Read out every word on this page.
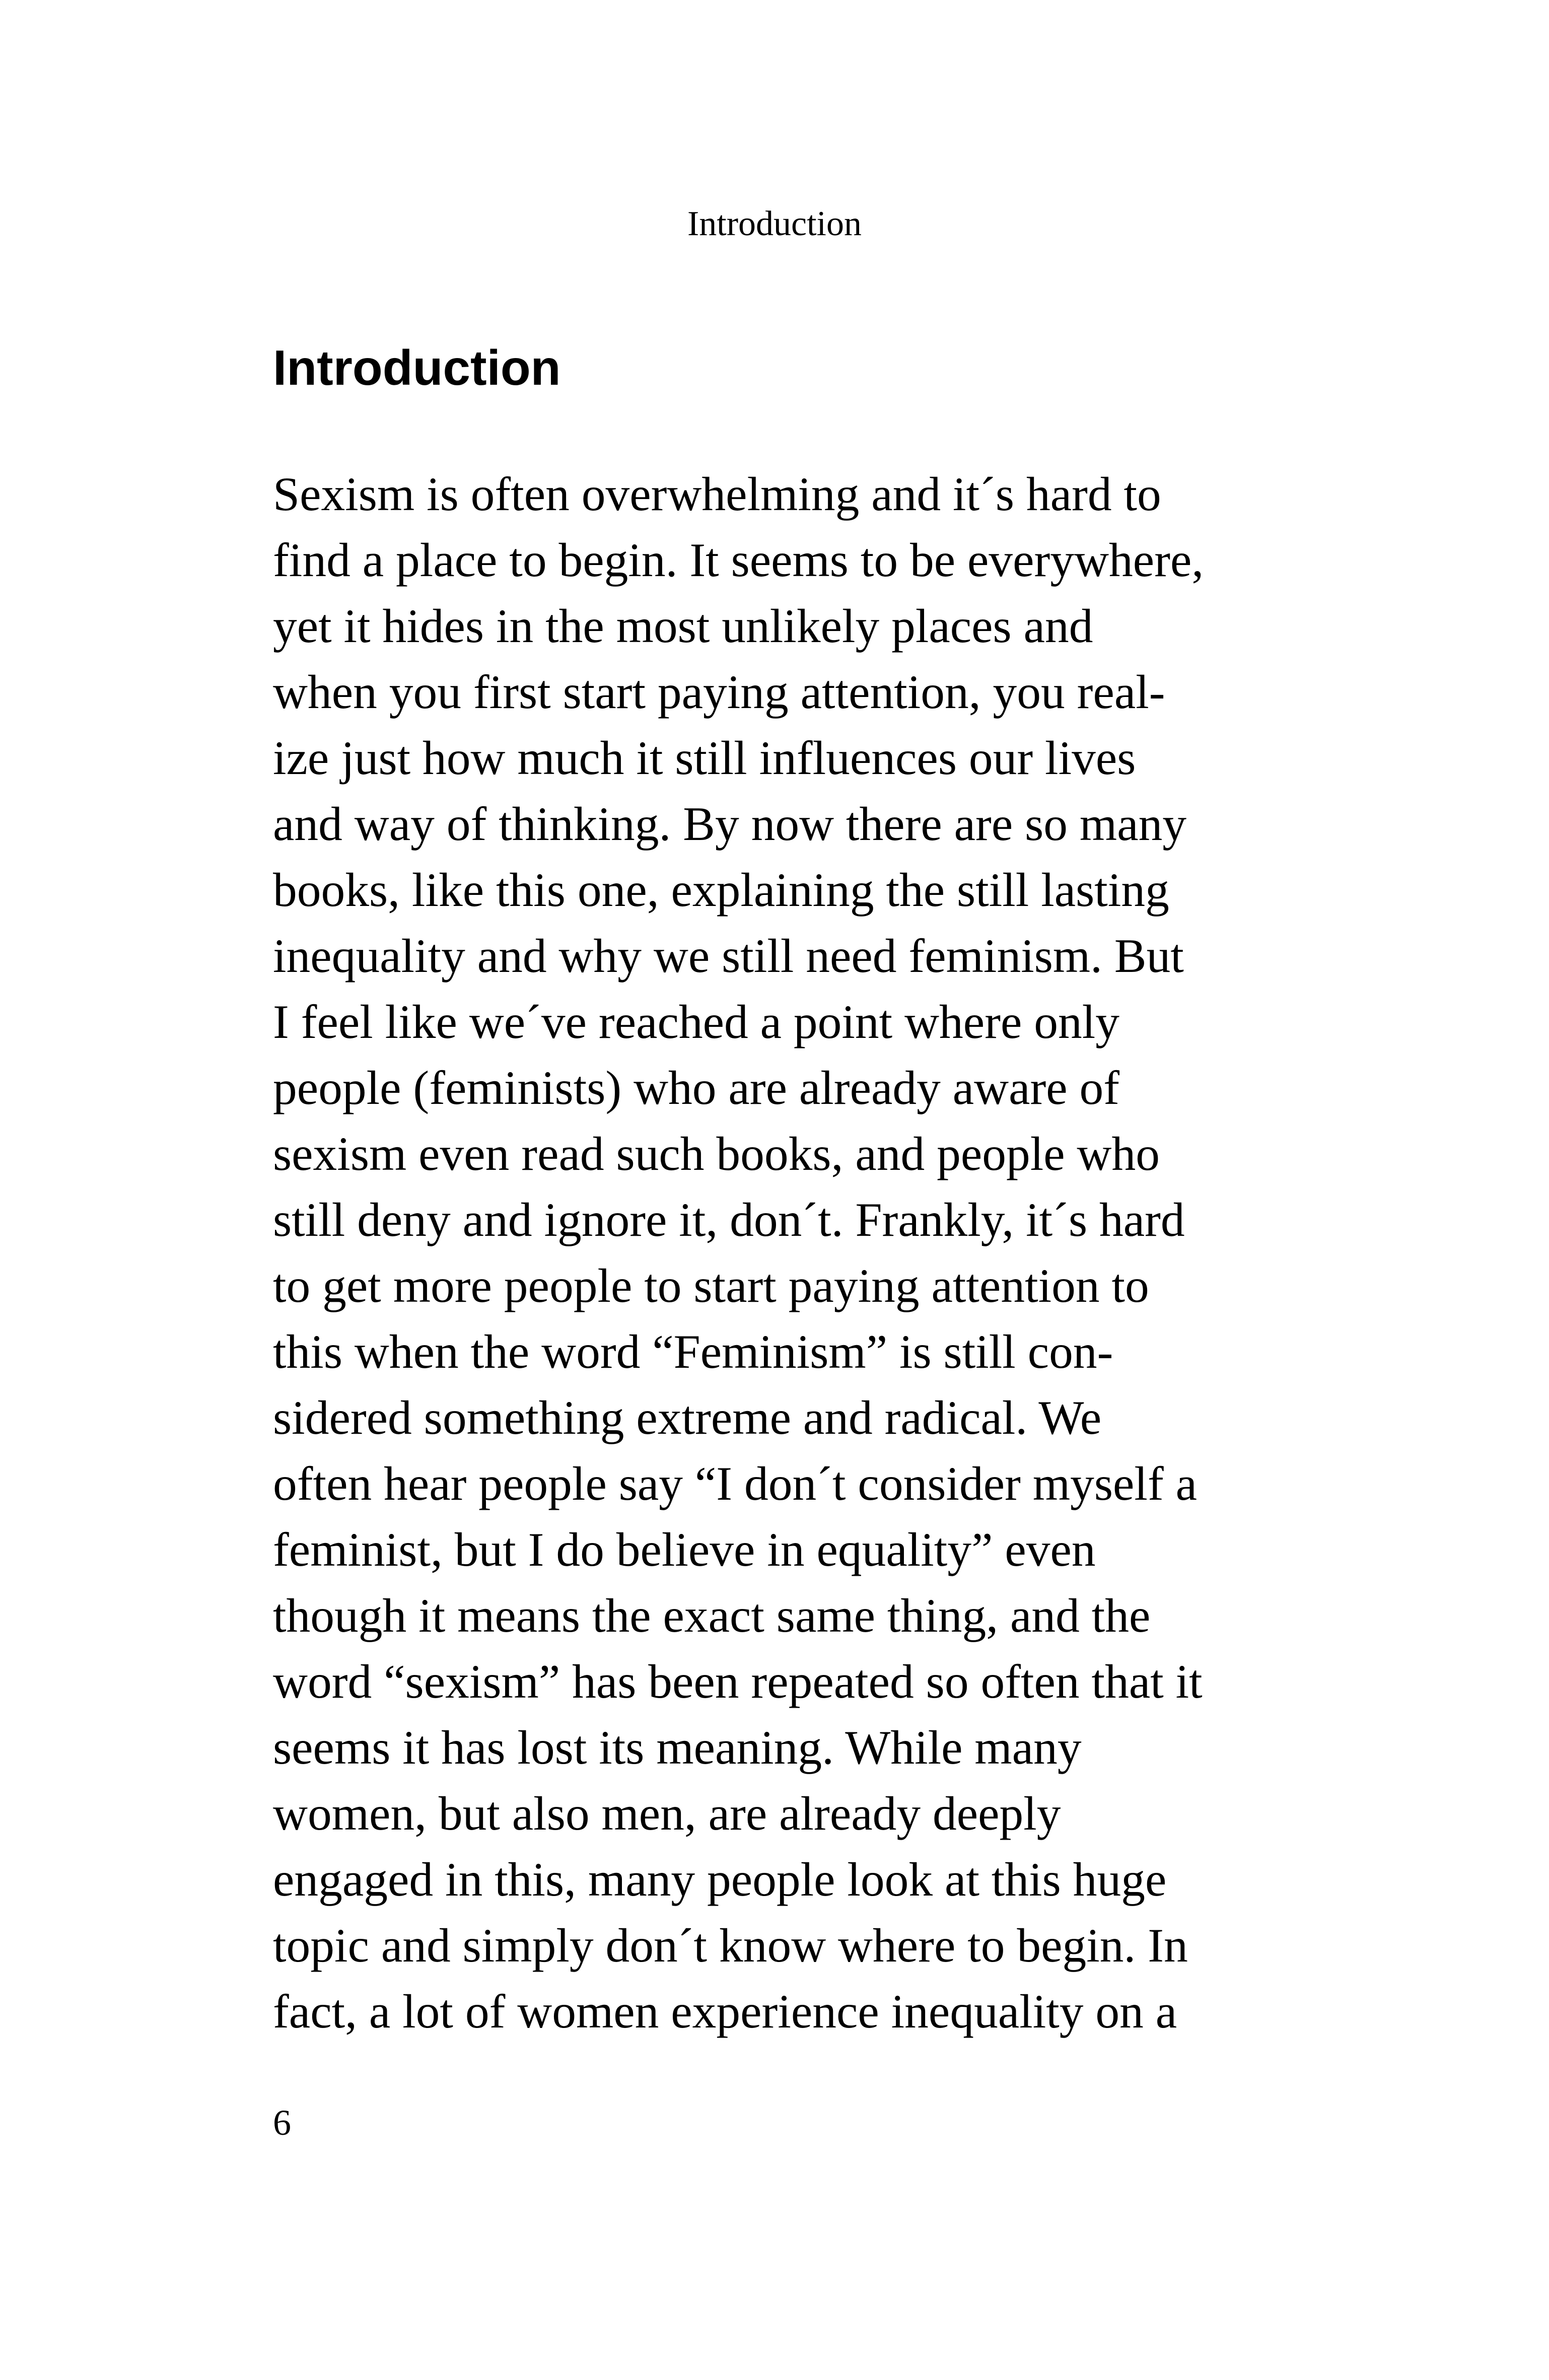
Introduction
Introduction
Sexism is often overwhelming and it´s hard to
find a place to begin. It seems to be everywhere,
yet it hides in the most unlikely places and
when you first start paying attention, you real-
ize just how much it still influences our lives
and way of thinking. By now there are so many
books, like this one, explaining the still lasting
inequality and why we still need feminism. But
I feel like we´ve reached a point where only
people (feminists) who are already aware of
sexism even read such books, and people who
still deny and ignore it, don´t. Frankly, it´s hard
to get more people to start paying attention to
this when the word “Feminism” is still con-
sidered something extreme and radical. We
often hear people say “I don´t consider myself a
feminist, but I do believe in equality” even
though it means the exact same thing, and the
word “sexism” has been repeated so often that it
seems it has lost its meaning. While many
women, but also men, are already deeply
engaged in this, many people look at this huge
topic and simply don´t know where to begin. In
fact, a lot of women experience inequality on a
6
